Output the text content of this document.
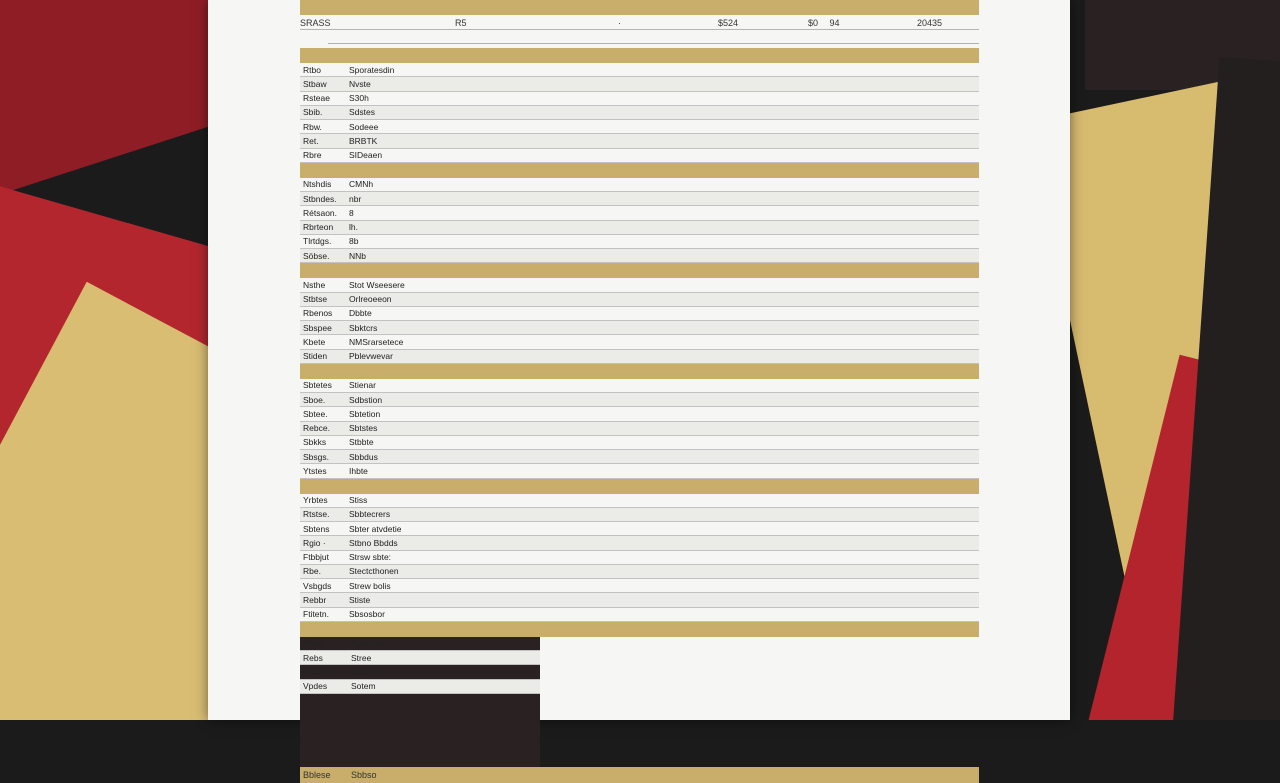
SRASS	R5	·	$524	$0  94	20435
Rtbo	Sporatesdin
Stbaw	Nvste
Rsteae	S30h
Sbib.	Sdstes
Rbw.	Sodeee
Ret.	BRBTK
Rbre	SIDeaen
Ntshdis	CMNh
Stbndes.	nbr
Rétsaon.	8
Rbrteon	lh.
Tlrtdgs.	8b
Söbse.	NNb
Nsthe	Stot Wseesere
Stbtse	Orlreoeeon
Rbenos	Dbbte
Sbspee	Sbktcrs
Kbete	NMSrarsetece
Stiden	Pblevwevar
Sbtetes	Stienar
Sboe.	Sdbstion
Sbtee.	Sbtetion
Rebce.	Sbtstes
Sbkks	Stbbte
Sbsgs.	Sbbdus
Ytstes	Ihbte
Yrbtes	Stiss
Rtstse.	Sbbtecrers
Sbtens	Sbter atvdetie
Rgio ·	Stbno Bbdds
Ftbbjut	Strsw sbte:
Rbe.	Stectcthonen
Vsbgds	Strew bolis
Rebbr	Stiste
Ftitetn.	Sbsosbor
Stltes.	Sptetons
Rebs	Stree
Fisbre	Sotset
Vpdes	Sotem
Bblese	Sbbso
